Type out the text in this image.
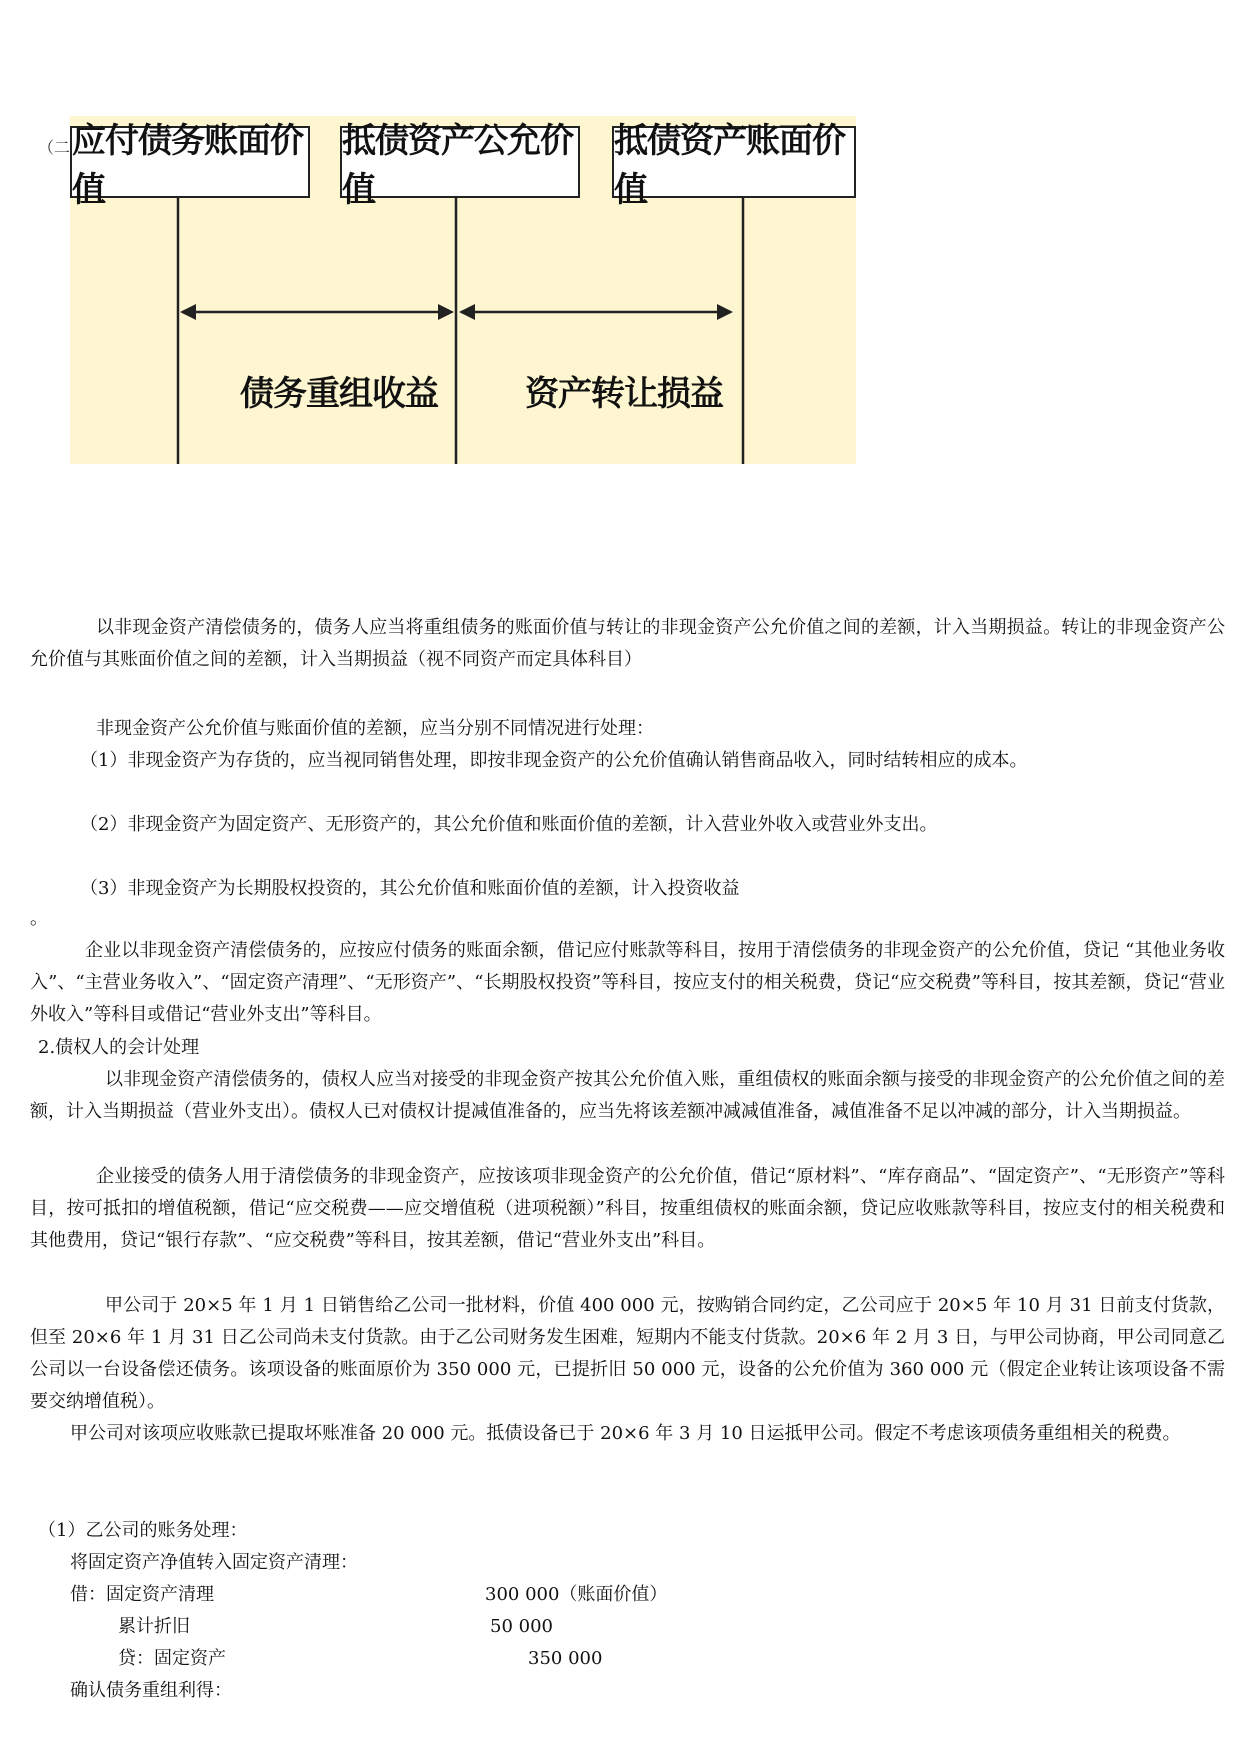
（二 应付债务账面价值
抵债资产公允价值
抵债资产账面价值
债务重组收益	资产转让损益
以非现金资产清偿债务的，债务人应当将重组债务的账面价值与转让的非现金资产公允价值之间的差额，计入当期损益。转让的非现金资产公允价值与其账面价值之间的差额，计入当期损益（视不同资产而定具体科目）
非现金资产公允价值与账面价值的差额，应当分别不同情况进行处理：
（1）非现金资产为存货的，应当视同销售处理，即按非现金资产的公允价值确认销售商品收入，同时结转相应的成本。
（2）非现金资产为固定资产、无形资产的，其公允价值和账面价值的差额，计入营业外收入或营业外支出。
（3）非现金资产为长期股权投资的，其公允价值和账面价值的差额，计入投资收益
。
企业以非现金资产清偿债务的，应按应付债务的账面余额，借记应付账款等科目，按用于清偿债务的非现金资产的公允价值，贷记 “其他业务收入”、“主营业务收入”、“固定资产清理”、“无形资产”、“长期股权投资”等科目，按应支付的相关税费，贷记“应交税费”等科目，按其差额，贷记“营业外收入”等科目或借记“营业外支出”等科目。
2.债权人的会计处理
以非现金资产清偿债务的，债权人应当对接受的非现金资产按其公允价值入账，重组债权的账面余额与接受的非现金资产的公允价值之间的差额，计入当期损益（营业外支出）。债权人已对债权计提减值准备的，应当先将该差额冲减减值准备，减值准备不足以冲减的部分，计入当期损益。
企业接受的债务人用于清偿债务的非现金资产，应按该项非现金资产的公允价值，借记“原材料”、“库存商品”、“固定资产”、“无形资产”等科目，按可抵扣的增值税额，借记“应交税费——应交增值税（进项税额）”科目，按重组债权的账面余额，贷记应收账款等科目，按应支付的相关税费和其他费用，贷记“银行存款”、“应交税费”等科目，按其差额，借记“营业外支出”科目。
甲公司于 20×5 年 1 月 1 日销售给乙公司一批材料，价值 400 000 元，按购销合同约定，乙公司应于 20×5 年 10 月 31 日前支付货款，但至 20×6 年 1 月 31 日乙公司尚未支付货款。由于乙公司财务发生困难，短期内不能支付货款。20×6 年 2 月 3 日，与甲公司协商，甲公司同意乙公司以一台设备偿还债务。该项设备的账面原价为 350 000 元，已提折旧 50 000 元，设备的公允价值为 360 000 元（假定企业转让该项设备不需要交纳增值税）。
甲公司对该项应收账款已提取坏账准备 20 000 元。抵债设备已于 20×6 年 3 月 10 日运抵甲公司。假定不考虑该项债务重组相关的税费。
（1）乙公司的账务处理：
将固定资产净值转入固定资产清理：
借：固定资产清理	300 000（账面价值）
累计折旧	50 000
贷：固定资产	350 000
确认债务重组利得：
